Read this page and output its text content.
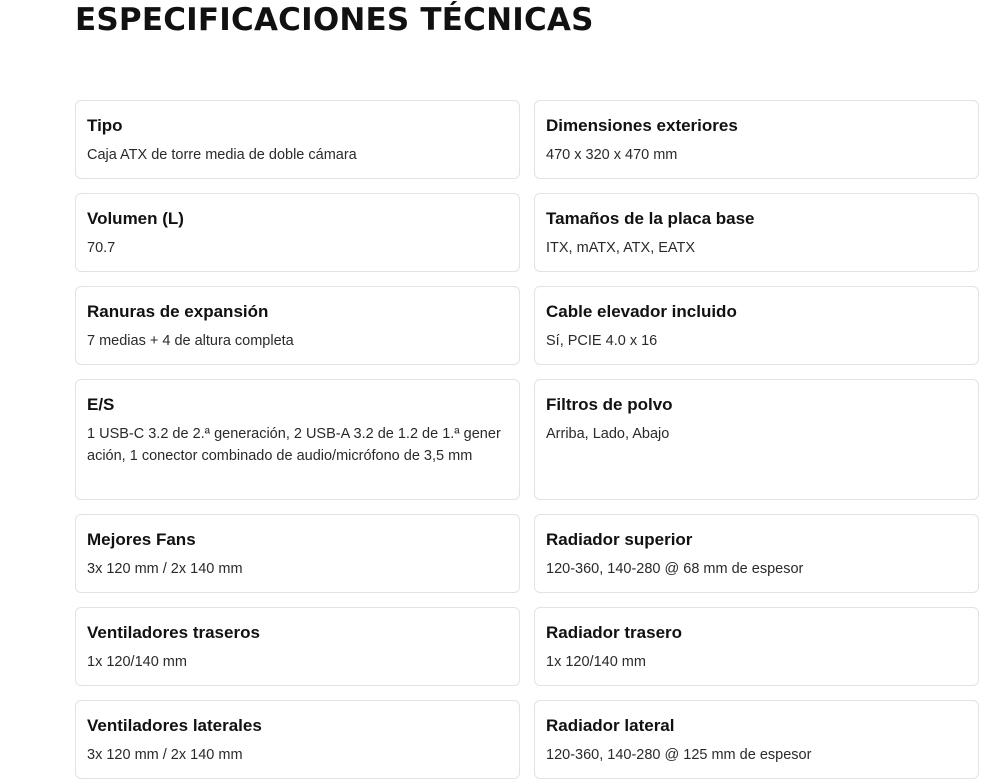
ESPECIFICACIONES TÉCNICAS
Tipo
Caja ATX de torre media de doble cámara
Dimensiones exteriores
470 x 320 x 470 mm
Volumen (L)
70.7
Tamaños de la placa base
ITX, mATX, ATX, EATX
Ranuras de expansión
7 medias + 4 de altura completa
Cable elevador incluido
Sí, PCIE 4.0 x 16
E/S
1 USB-C 3.2 de 2.ª generación, 2 USB-A 3.2 de 1.2 de 1.ª generación, 1 conector combinado de audio/micrófono de 3,5 mm
Filtros de polvo
Arriba, Lado, Abajo
Mejores Fans
3x 120 mm / 2x 140 mm
Radiador superior
120-360, 140-280 @ 68 mm de espesor
Ventiladores traseros
1x 120/140 mm
Radiador trasero
1x 120/140 mm
Ventiladores laterales
3x 120 mm / 2x 140 mm
Radiador lateral
120-360, 140-280 @ 125 mm de espesor
